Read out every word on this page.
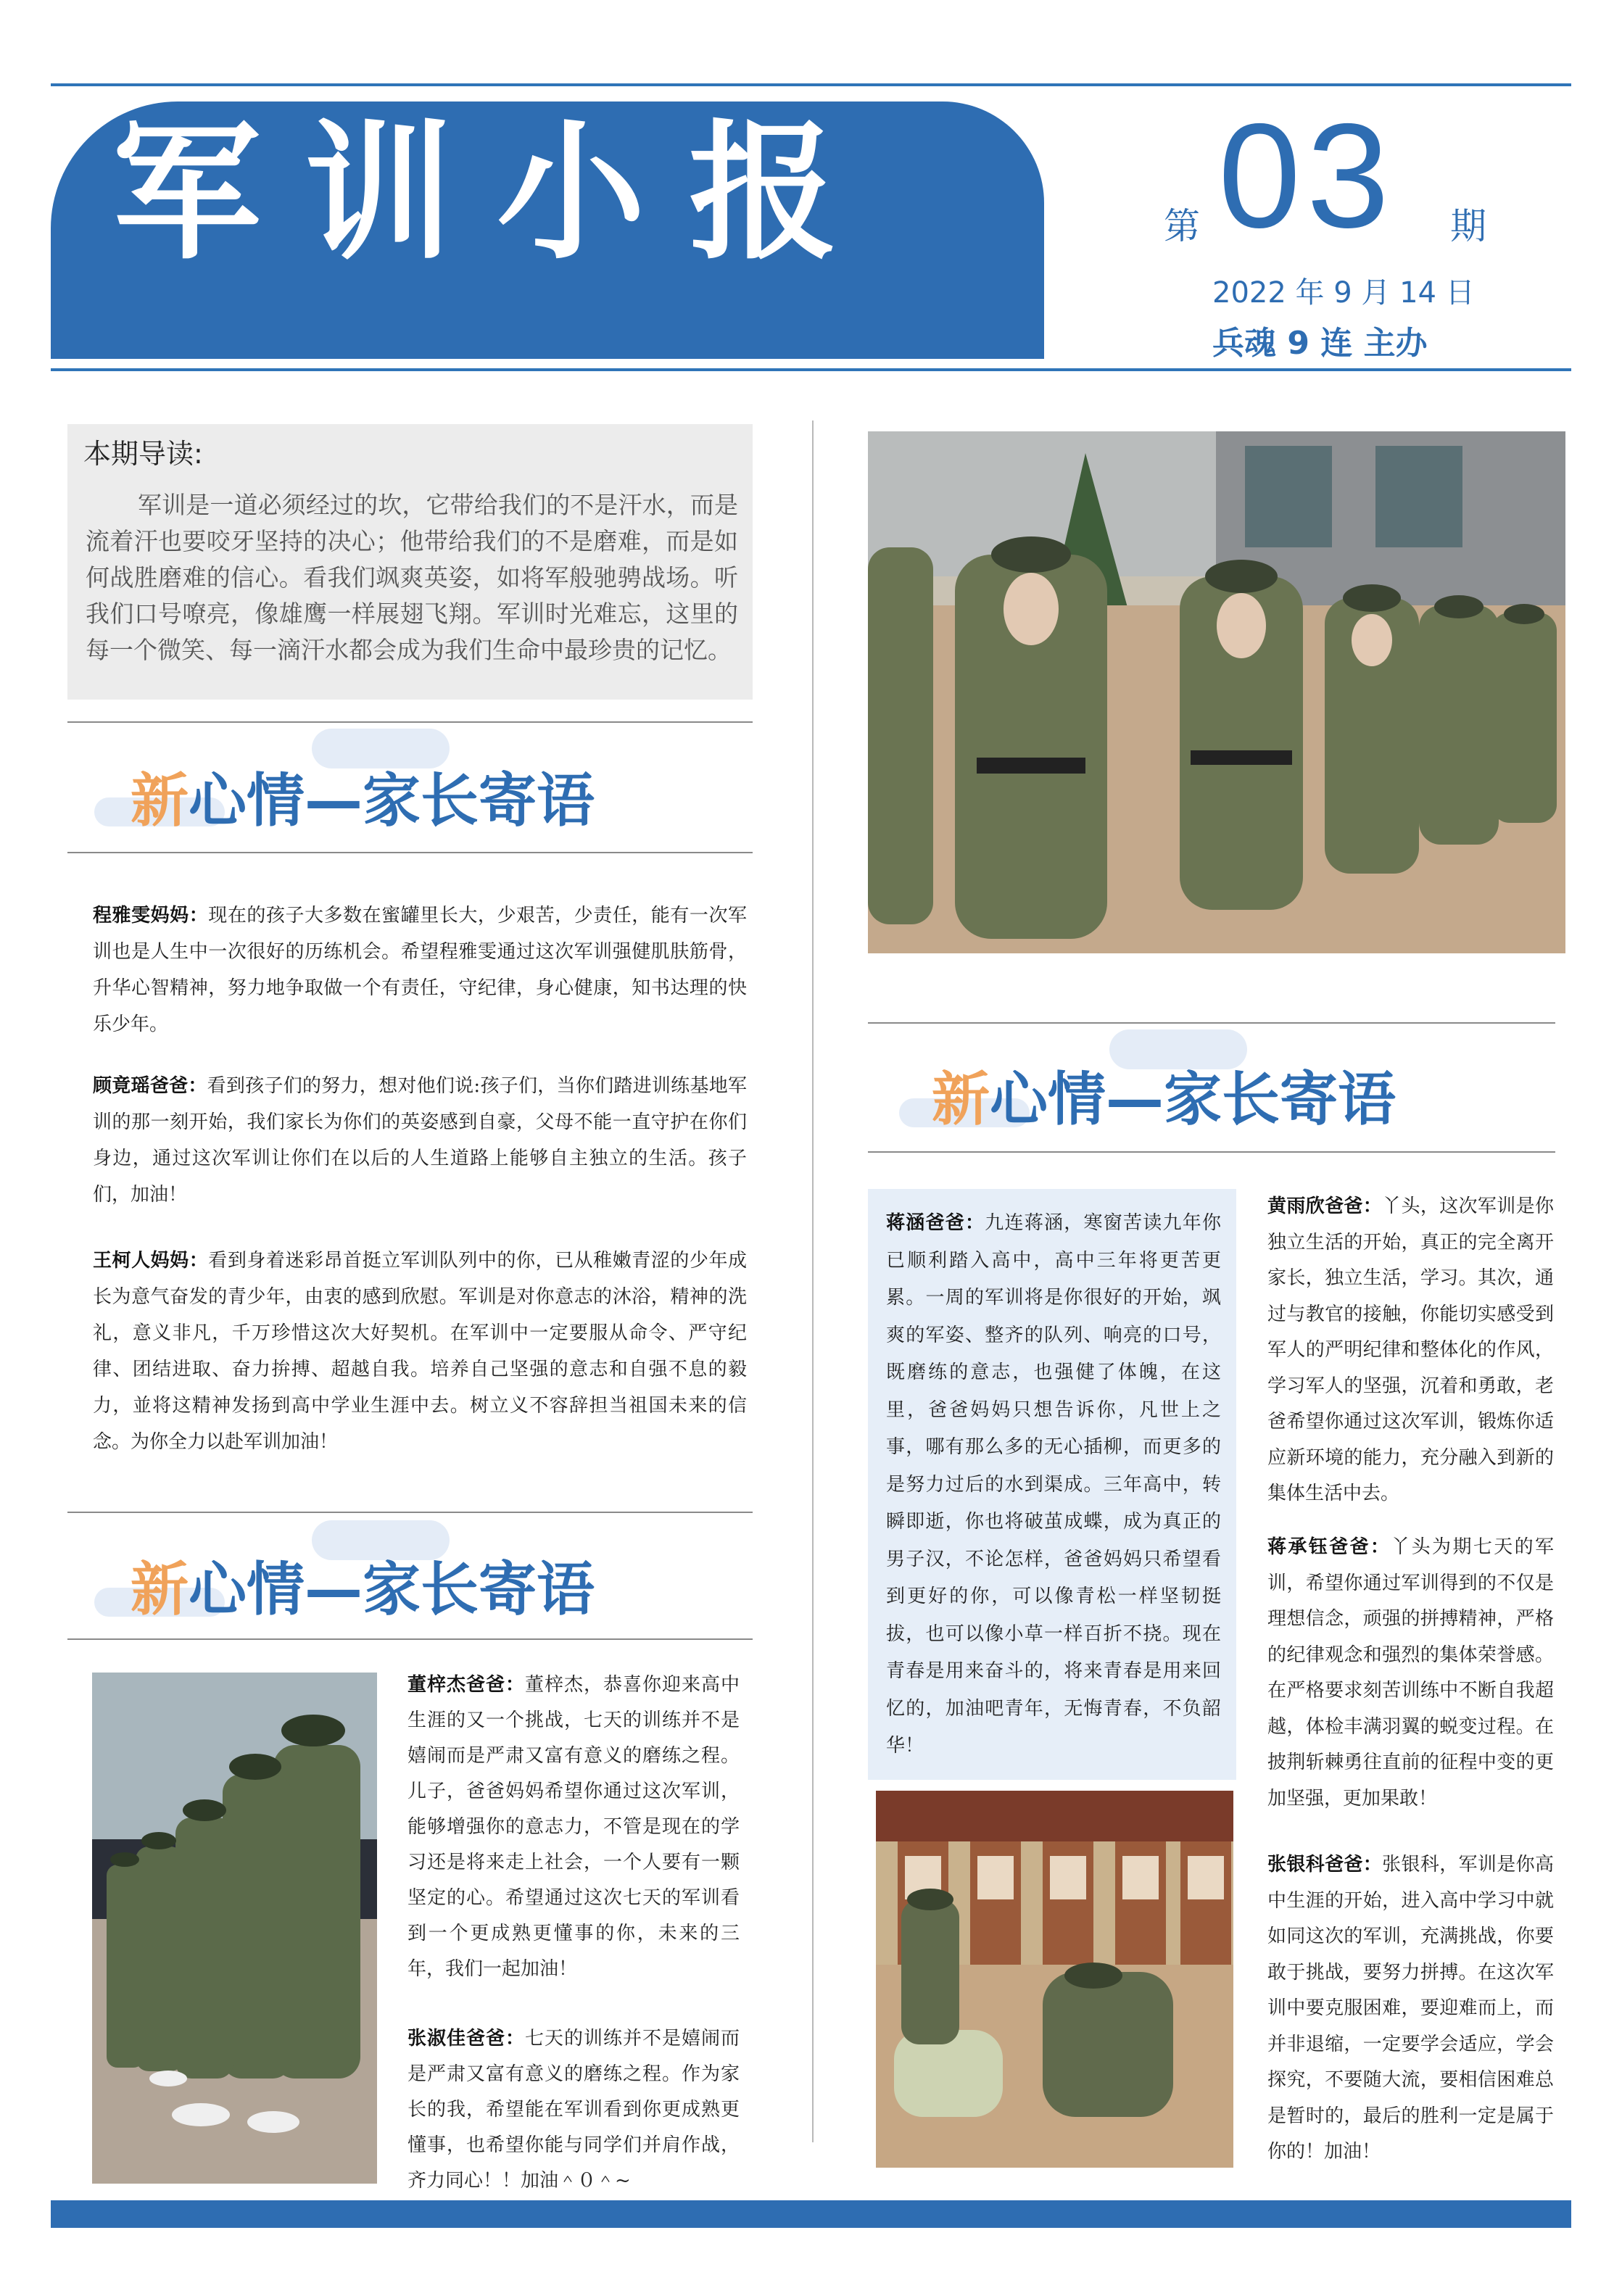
军训小报	第 03 期
2022 年 9 月 14 日
兵魂 9 连 主办
本期导读:
军训是一道必须经过的坎，它带给我们的不是汗水，而是流着汗也要咬牙坚持的决心；他带给我们的不是磨难，而是如何战胜磨难的信心。看我们飒爽英姿，如将军般驰骋战场。听我们口号嘹亮，像雄鹰一样展翅飞翔。军训时光难忘，这里的每一个微笑、每一滴汗水都会成为我们生命中最珍贵的记忆。
新心情—家长寄语
程雅雯妈妈：现在的孩子大多数在蜜罐里长大，少艰苦，少责任，能有一次军训也是人生中一次很好的历练机会。希望程雅雯通过这次军训强健肌肤筋骨，升华心智精神，努力地争取做一个有责任，守纪律，身心健康，知书达理的快乐少年。
顾竟瑶爸爸：看到孩子们的努力，想对他们说:孩子们，当你们踏进训练基地军训的那一刻开始，我们家长为你们的英姿感到自豪，父母不能一直守护在你们身边，通过这次军训让你们在以后的人生道路上能够自主独立的生活。孩子们，加油！
王柯人妈妈：看到身着迷彩昂首挺立军训队列中的你，已从稚嫩青涩的少年成长为意气奋发的青少年，由衷的感到欣慰。军训是对你意志的沐浴，精神的洗礼，意义非凡，千万珍惜这次大好契机。在军训中一定要服从命令、严守纪律、团结进取、奋力拚搏、超越自我。培养自己坚强的意志和自强不息的毅力，並将这精神发扬到高中学业生涯中去。树立义不容辞担当祖国未来的信念。为你全力以赴军训加油！
新心情—家长寄语
董梓杰爸爸：董梓杰，恭喜你迎来高中生涯的又一个挑战，七天的训练并不是嬉闹而是严肃又富有意义的磨练之程。儿子，爸爸妈妈希望你通过这次军训，能够增强你的意志力，不管是现在的学习还是将来走上社会，一个人要有一颗坚定的心。希望通过这次七天的军训看到一个更成熟更懂事的你，未来的三年，我们一起加油！
张淑佳爸爸：七天的训练并不是嬉闹而是严肃又富有意义的磨练之程。作为家长的我，希望能在军训看到你更成熟更懂事，也希望你能与同学们并肩作战，齐力同心！！加油＾０＾~
新心情—家长寄语
蒋涵爸爸：九连蒋涵，寒窗苦读九年你已顺利踏入高中，高中三年将更苦更累。一周的军训将是你很好的开始，飒爽的军姿、整齐的队列、响亮的口号，既磨练的意志，也强健了体魄，在这里，爸爸妈妈只想告诉你，凡世上之事，哪有那么多的无心插柳，而更多的是努力过后的水到渠成。三年高中，转瞬即逝，你也将破茧成蝶，成为真正的男子汉，不论怎样，爸爸妈妈只希望看到更好的你，可以像青松一样坚韧挺拔，也可以像小草一样百折不挠。现在青春是用来奋斗的，将来青春是用来回忆的，加油吧青年，无悔青春，不负韶华！
黄雨欣爸爸：丫头，这次军训是你独立生活的开始，真正的完全离开家长，独立生活，学习。其次，通过与教官的接触，你能切实感受到军人的严明纪律和整体化的作风，学习军人的坚强，沉着和勇敢，老爸希望你通过这次军训，锻炼你适应新环境的能力，充分融入到新的集体生活中去。
蒋承钰爸爸：丫头为期七天的军训，希望你通过军训得到的不仅是理想信念，顽强的拼搏精神，严格的纪律观念和强烈的集体荣誉感。在严格要求刻苦训练中不断自我超越，体检丰满羽翼的蜕变过程。在披荆斩棘勇往直前的征程中变的更加坚强，更加果敢！
张银科爸爸：张银科，军训是你高中生涯的开始，进入高中学习中就如同这次的军训，充满挑战，你要敢于挑战，要努力拼搏。在这次军训中要克服困难，要迎难而上，而并非退缩，一定要学会适应，学会探究，不要随大流，要相信困难总是暂时的，最后的胜利一定是属于你的！加油！
